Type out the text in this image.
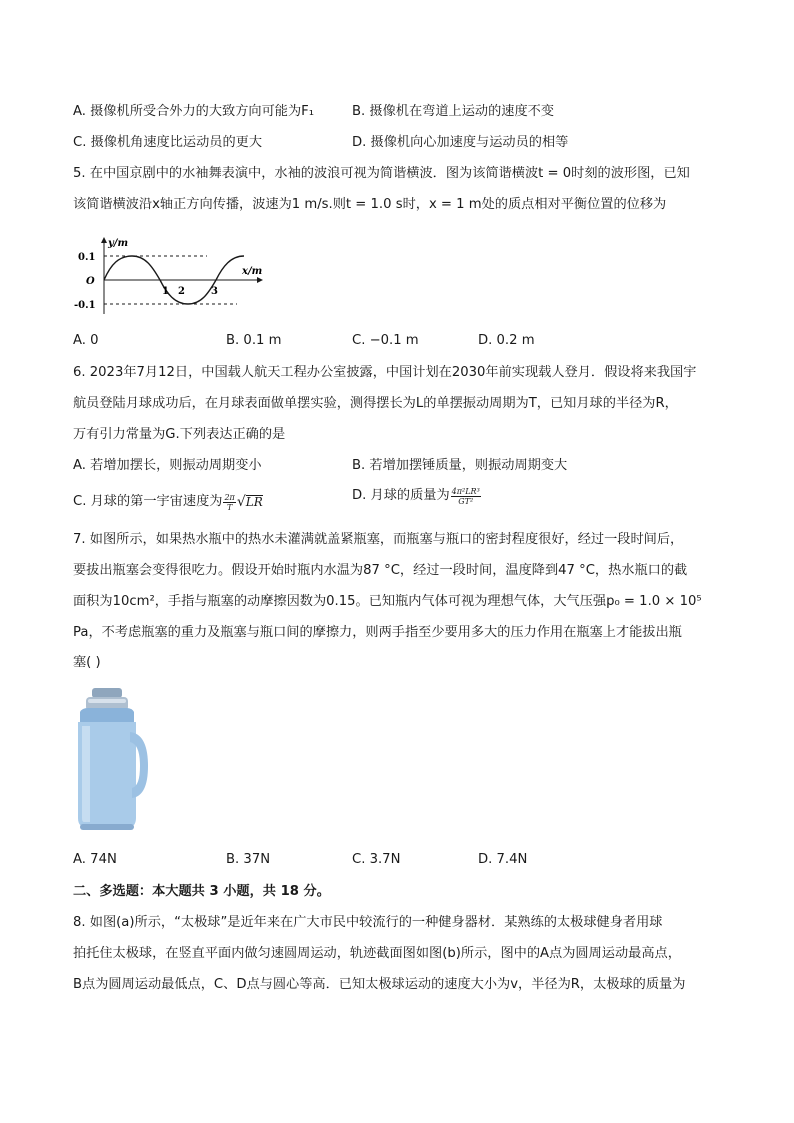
A. 摄像机所受合外力的大致方向可能为F₁	B. 摄像机在弯道上运动的速度不变
C. 摄像机角速度比运动员的更大	D. 摄像机向心加速度与运动员的相等
5. 在中国京剧中的水袖舞表演中，水袖的波浪可视为简谐横波．图为该简谐横波t = 0时刻的波形图，已知
该简谐横波沿x轴正方向传播，波速为1 m/s.则t = 1.0 s时，x = 1 m处的质点相对平衡位置的位移为
y/m
x/m
0.1
O
-0.1
1 2	3
A. 0	B. 0.1 m	C. −0.1 m	D. 0.2 m
6. 2023年7月12日，中国载人航天工程办公室披露，中国计划在2030年前实现载人登月．假设将来我国宇
航员登陆月球成功后，在月球表面做单摆实验，测得摆长为L的单摆振动周期为T，已知月球的半径为R，
万有引力常量为G.下列表达正确的是
A. 若增加摆长，则振动周期变小	B. 若增加摆锤质量，则振动周期变大
C. 月球的第一宇宙速度为 $\frac{2\pi}{T}$ √ LR	D. 月球的质量为 $\frac{\text{4π²LR³}}{\text{GT²}}$
7. 如图所示，如果热水瓶中的热水未灌满就盖紧瓶塞，而瓶塞与瓶口的密封程度很好，经过一段时间后，
要拔出瓶塞会变得很吃力。假设开始时瓶内水温为87 °C，经过一段时间，温度降到47 °C，热水瓶口的截
面积为10cm²，手指与瓶塞的动摩擦因数为0.15。已知瓶内气体可视为理想气体，大气压强p₀ = 1.0 × 10⁵
Pa，不考虑瓶塞的重力及瓶塞与瓶口间的摩擦力，则两手指至少要用多大的压力作用在瓶塞上才能拔出瓶
塞( )
A. 74N	B. 37N	C. 3.7N	D. 7.4N
二、多选题：本大题共 3 小题，共 18 分。
8. 如图(a)所示，“太极球”是近年来在广大市民中较流行的一种健身器材．某熟练的太极球健身者用球
拍托住太极球，在竖直平面内做匀速圆周运动，轨迹截面图如图(b)所示，图中的A点为圆周运动最高点，
B点为圆周运动最低点，C、D点与圆心等高．已知太极球运动的速度大小为v，半径为R，太极球的质量为
